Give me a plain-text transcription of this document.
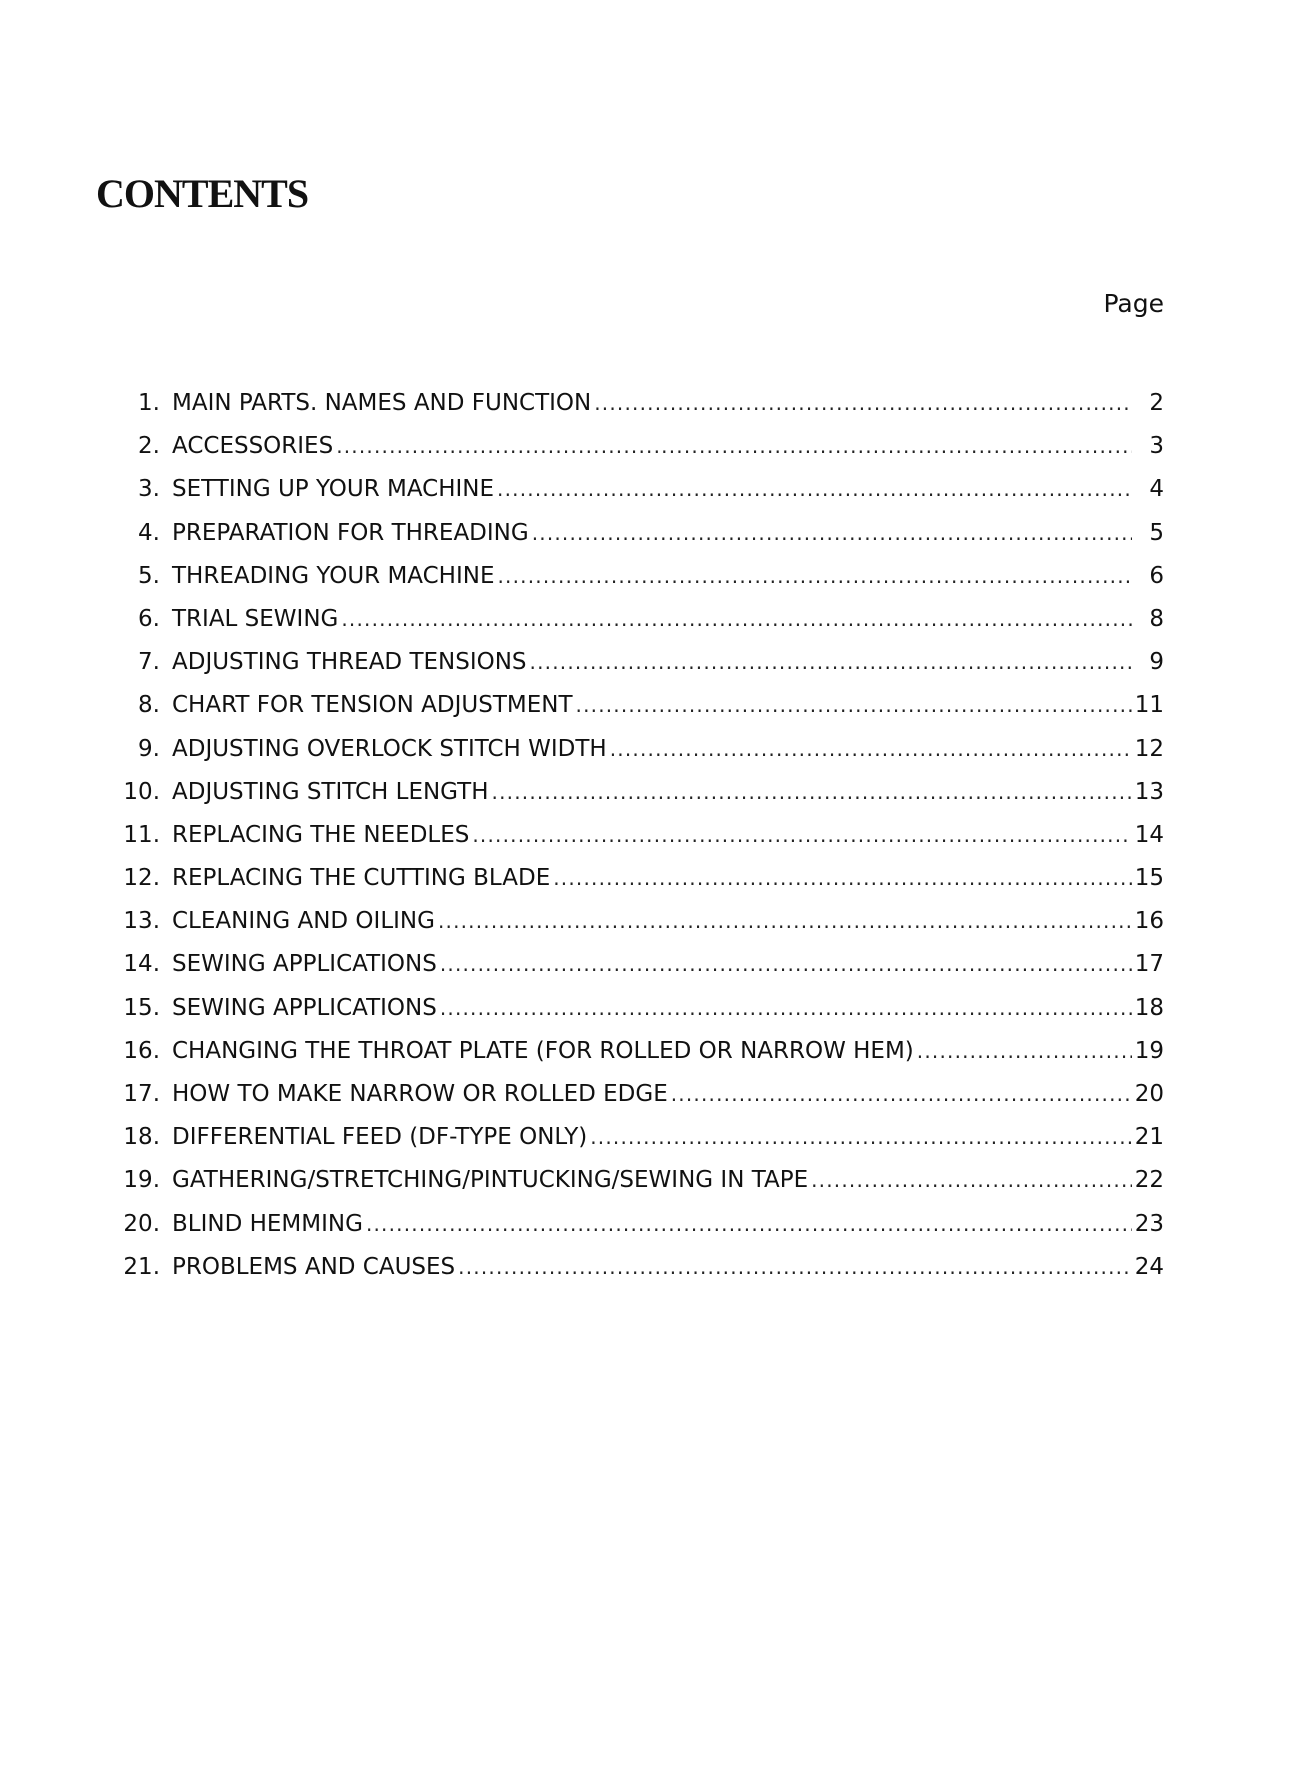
CONTENTS
Page
1. MAIN PARTS. NAMES AND FUNCTION .....	2
2. ACCESSORIES .....	3
3. SETTING UP YOUR MACHINE .....	4
4. PREPARATION FOR THREADING .....	5
5. THREADING YOUR MACHINE .....	6
6. TRIAL SEWING .....	8
7. ADJUSTING THREAD TENSIONS .....	9
8. CHART FOR TENSION ADJUSTMENT .....	11
9. ADJUSTING OVERLOCK STITCH WIDTH .....	12
10. ADJUSTING STITCH LENGTH .....	13
11. REPLACING THE NEEDLES .....	14
12. REPLACING THE CUTTING BLADE .....	15
13. CLEANING AND OILING .....	16
14. SEWING APPLICATIONS .....	17
15. SEWING APPLICATIONS .....	18
16. CHANGING THE THROAT PLATE (FOR ROLLED OR NARROW HEM) .....	19
17. HOW TO MAKE NARROW OR ROLLED EDGE .....	20
18. DIFFERENTIAL FEED (DF-TYPE ONLY) .....	21
19. GATHERING/STRETCHING/PINTUCKING/SEWING IN TAPE .....	22
20. BLIND HEMMING .....	23
21. PROBLEMS AND CAUSES .....	24
